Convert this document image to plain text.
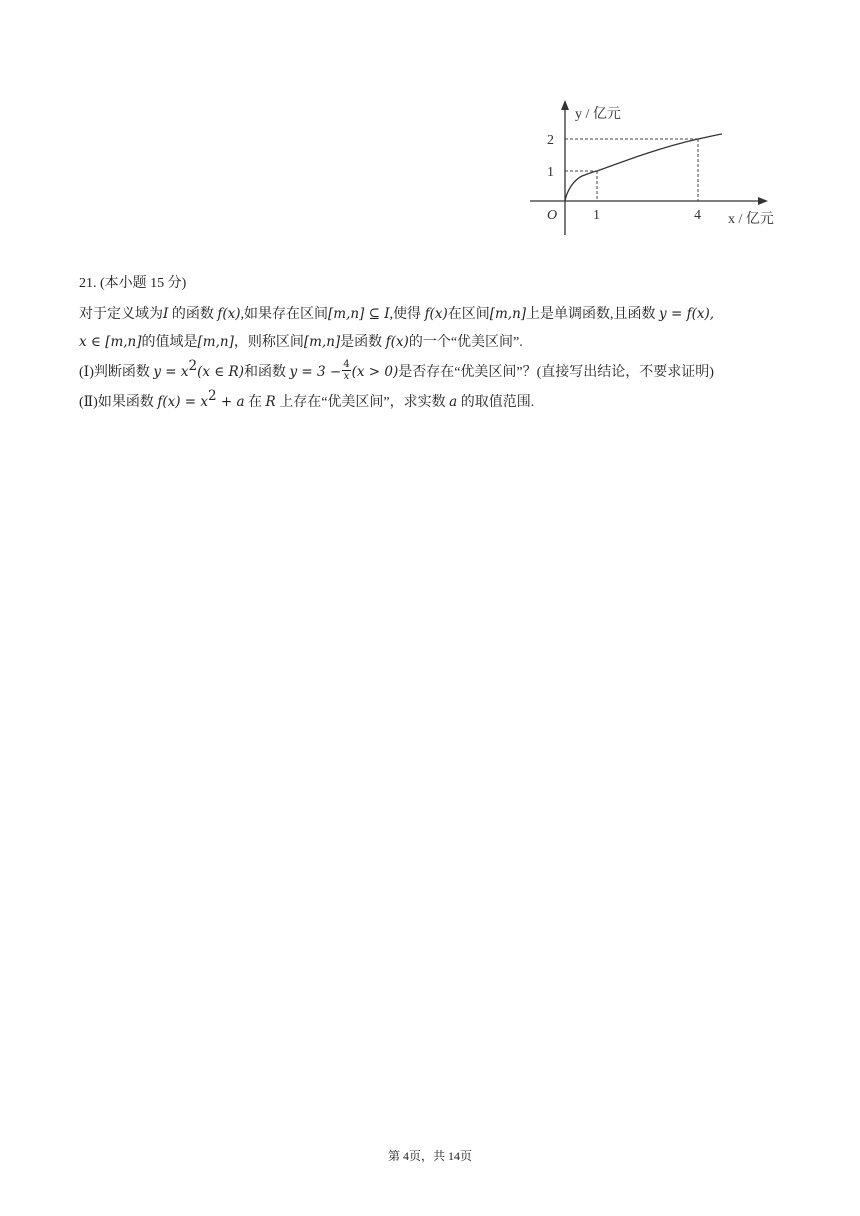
y / 亿元
x / 亿元
O
2
1
1	4
21. (本小题 15 分)
对于定义域为I 的函数 f(x),如果存在区间[m,n] ⊆ I,使得 f(x)在区间[m,n]上是单调函数,且函数 y = f(x),
x ∈ [m,n]的值域是[m,n]，则称区间[m,n]是函数 f(x)的一个“优美区间”.
(Ⅰ)判断函数 $y = x^2(x$ ∈ R)和函数 $y = 3 - \frac{4}{x} (x > 0)$是否存在“优美区间”？(直接写出结论，不要求证明)
(Ⅱ)如果函数 $f(x) = x^2 + a$ 在 R 上存在“优美区间”，求实数 a 的取值范围.
第 4页，共 14页
